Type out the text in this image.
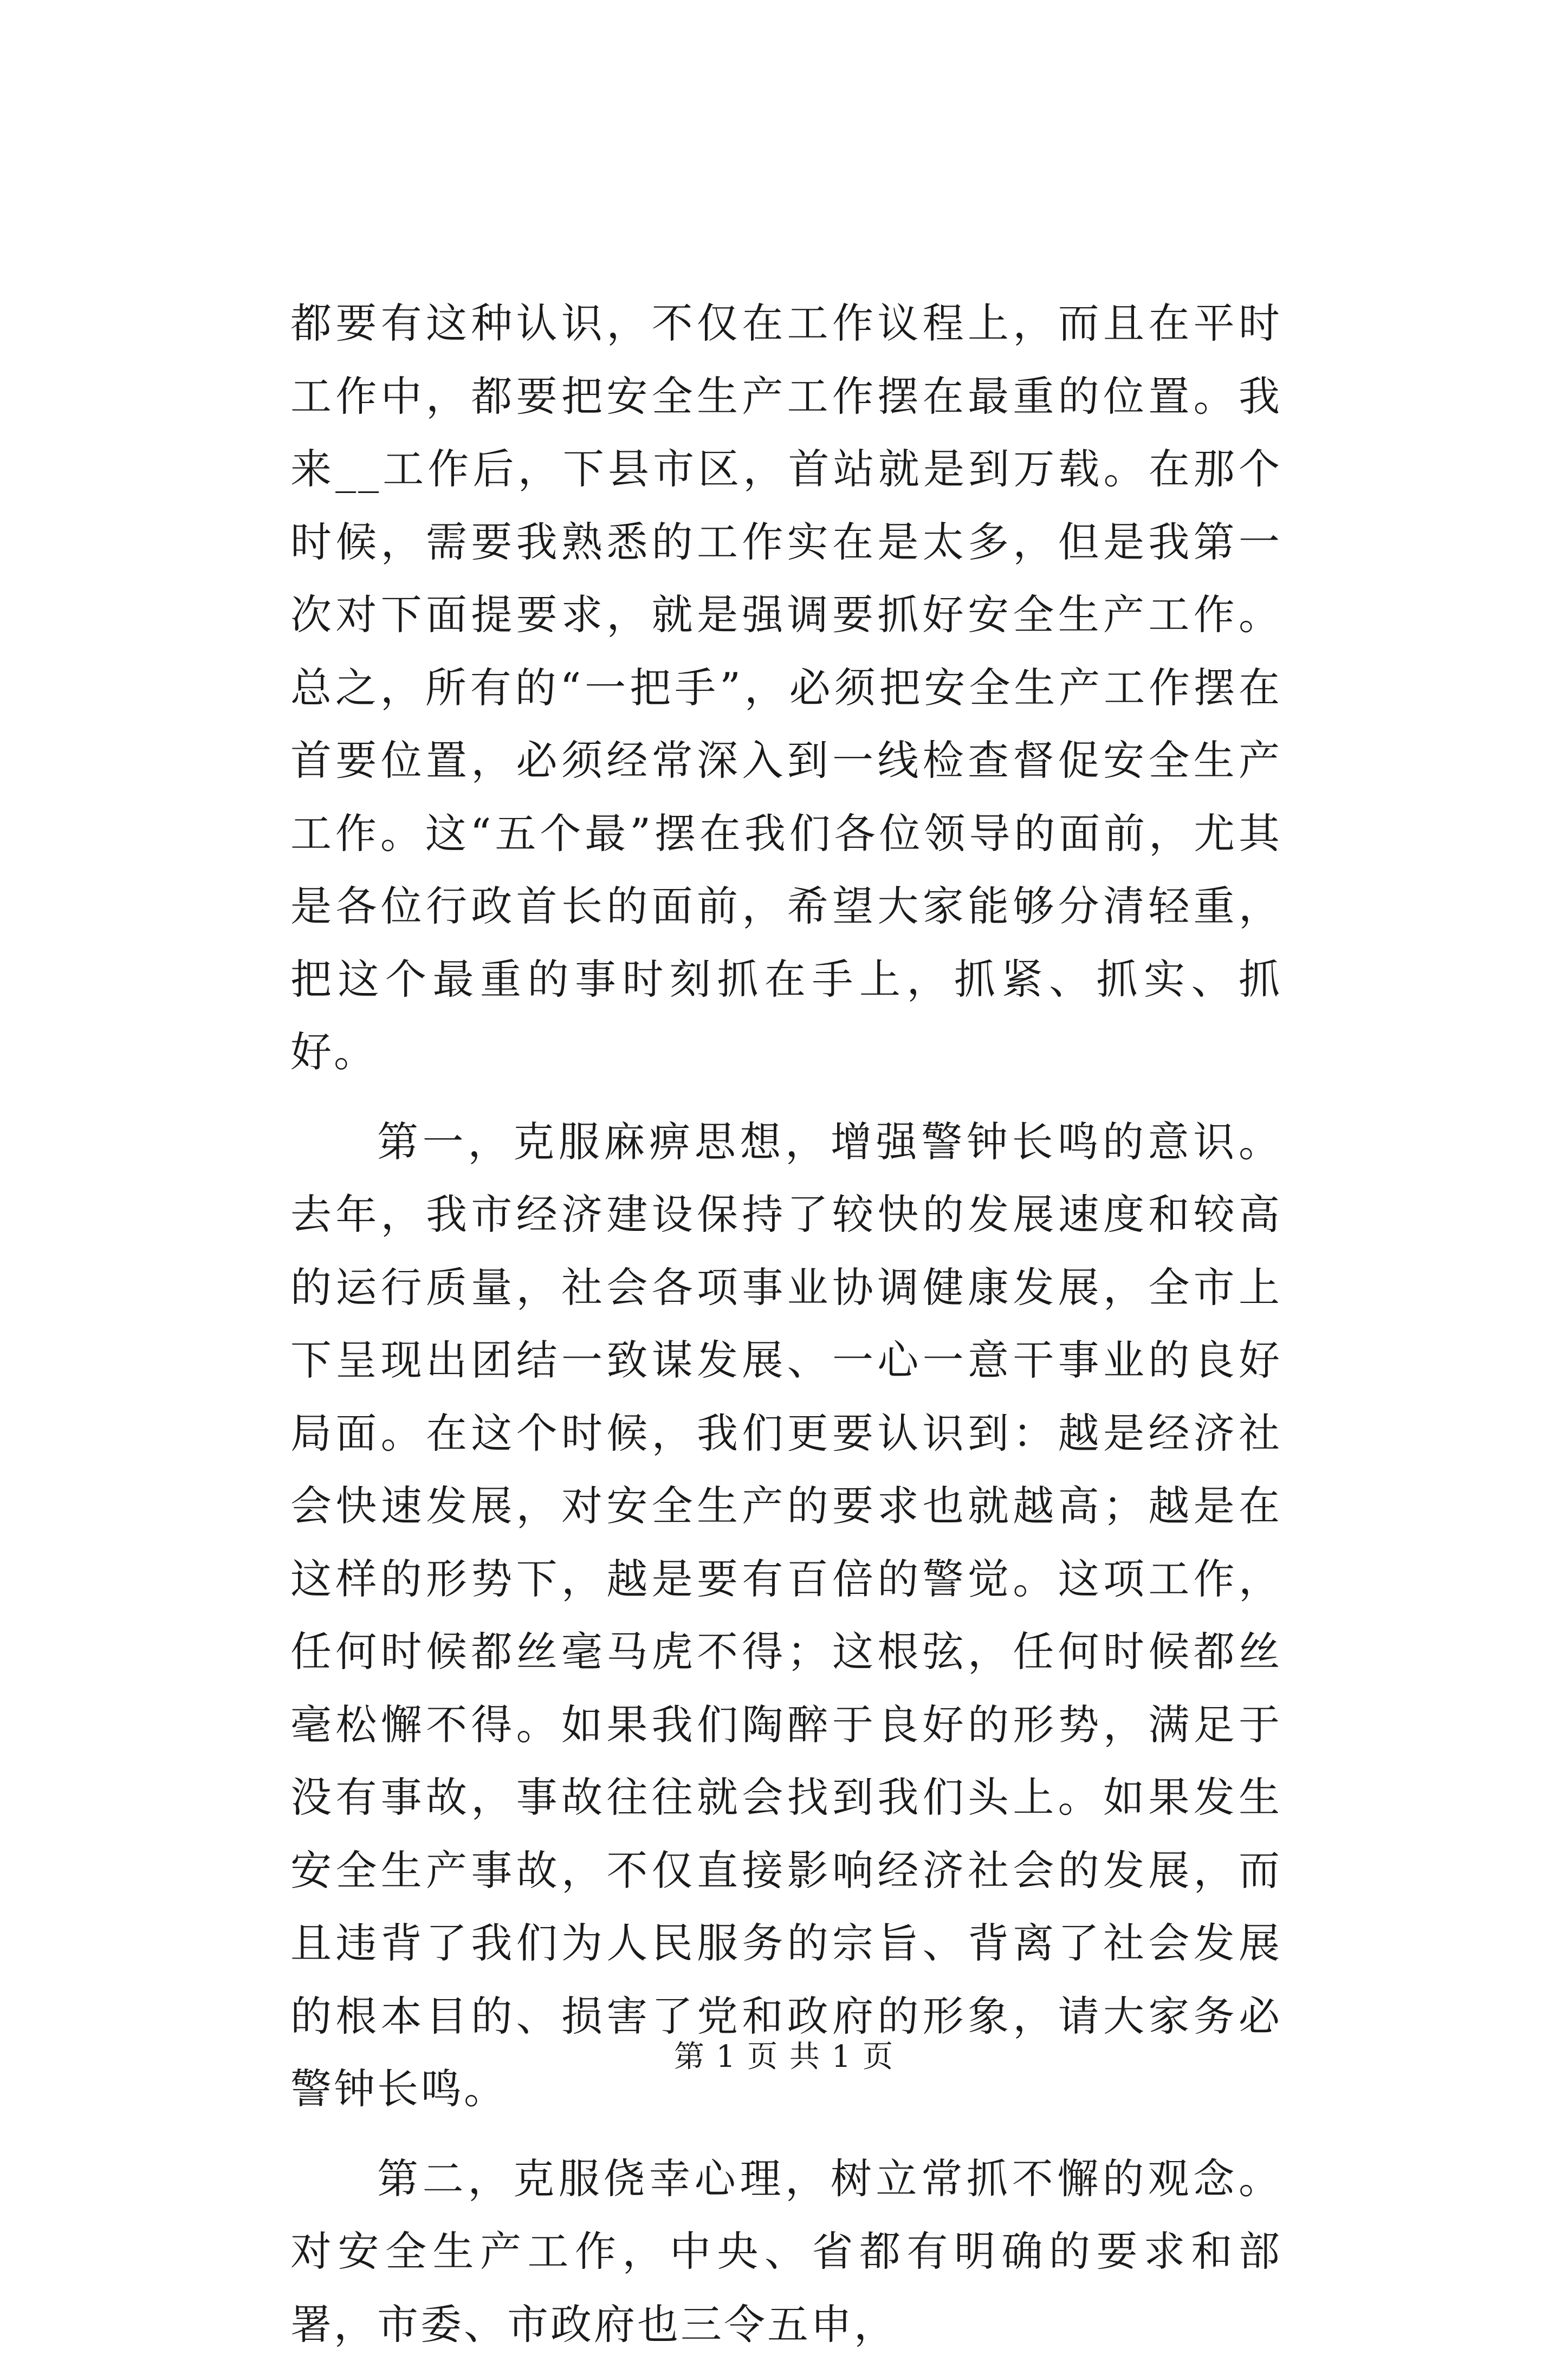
都要有这种认识，不仅在工作议程上，而且在平时工作中，都要把安全生产工作摆在最重的位置。我来__工作后，下县市区，首站就是到万载。在那个时候，需要我熟悉的工作实在是太多，但是我第一次对下面提要求，就是强调要抓好安全生产工作。总之，所有的“一把手”，必须把安全生产工作摆在首要位置，必须经常深入到一线检查督促安全生产工作。这“五个最”摆在我们各位领导的面前，尤其是各位行政首长的面前，希望大家能够分清轻重，把这个最重的事时刻抓在手上，抓紧、抓实、抓好。

第一，克服麻痹思想，增强警钟长鸣的意识。去年，我市经济建设保持了较快的发展速度和较高的运行质量，社会各项事业协调健康发展，全市上下呈现出团结一致谋发展、一心一意干事业的良好局面。在这个时候，我们更要认识到：越是经济社会快速发展，对安全生产的要求也就越高；越是在这样的形势下，越是要有百倍的警觉。这项工作，任何时候都丝毫马虎不得；这根弦，任何时候都丝毫松懈不得。如果我们陶醉于良好的形势，满足于没有事故，事故往往就会找到我们头上。如果发生安全生产事故，不仅直接影响经济社会的发展，而且违背了我们为人民服务的宗旨、背离了社会发展的根本目的、损害了党和政府的形象，请大家务必警钟长鸣。

第二，克服侥幸心理，树立常抓不懈的观念。对安全生产工作，中央、省都有明确的要求和部署，市委、市政府也三令五申，

第 1 页 共 1 页
